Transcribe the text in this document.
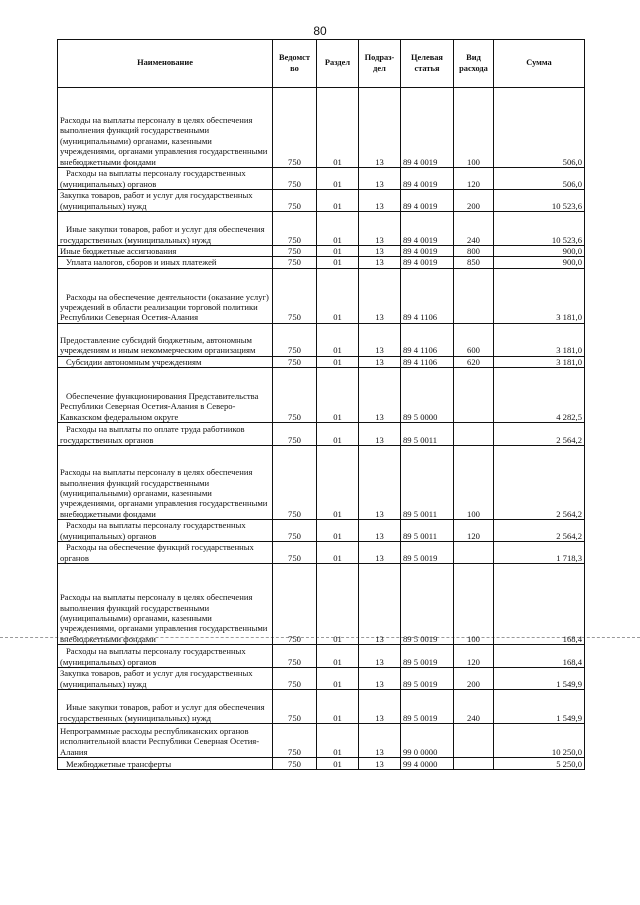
80
Наименование	Ведомст во	Раздел	Подраз- дел	Целевая статья	Вид расхода	Сумма
Расходы на выплаты персоналу в целях обеспечения выполнения функций государственными (муниципальными) органами, казенными учреждениями, органами управления государственными внебюджетными фондами	750	01	13	89 4 0019	100	506,0
Расходы на выплаты персоналу государственных (муниципальных) органов	750	01	13	89 4 0019	120	506,0
Закупка товаров, работ и услуг для государственных (муниципальных) нужд	750	01	13	89 4 0019	200	10 523,6
Иные закупки товаров, работ и услуг для обеспечения государственных (муниципальных) нужд	750	01	13	89 4 0019	240	10 523,6
Иные бюджетные ассигнования	750	01	13	89 4 0019	800	900,0
Уплата налогов, сборов и иных платежей	750	01	13	89 4 0019	850	900,0
Расходы на обеспечение деятельности (оказание услуг) учреждений в области реализации торговой политики Республики Северная Осетия-Алания	750	01	13	89 4 1106		3 181,0
Предоставление субсидий бюджетным, автономным учреждениям и иным некоммерческим организациям	750	01	13	89 4 1106	600	3 181,0
Субсидии автономным учреждениям	750	01	13	89 4 1106	620	3 181,0
Обеспечение функционирования Представительства Республики Северная Осетия-Алания в Северо-Кавказском федеральном округе	750	01	13	89 5 0000		4 282,5
Расходы на выплаты по оплате труда работников государственных органов	750	01	13	89 5 0011		2 564,2
Расходы на выплаты персоналу в целях обеспечения выполнения функций государственными (муниципальными) органами, казенными учреждениями, органами управления государственными внебюджетными фондами	750	01	13	89 5 0011	100	2 564,2
Расходы на выплаты персоналу государственных (муниципальных) органов	750	01	13	89 5 0011	120	2 564,2
Расходы на обеспечение функций государственных органов	750	01	13	89 5 0019		1 718,3
Расходы на выплаты персоналу в целях обеспечения выполнения функций государственными (муниципальными) органами, казенными учреждениями, органами управления государственными внебюджетными фондами	750	01	13	89 5 0019	100	168,4
Расходы на выплаты персоналу государственных (муниципальных) органов	750	01	13	89 5 0019	120	168,4
Закупка товаров, работ и услуг для государственных (муниципальных) нужд	750	01	13	89 5 0019	200	1 549,9
Иные закупки товаров, работ и услуг для обеспечения государственных (муниципальных) нужд	750	01	13	89 5 0019	240	1 549,9
Непрограммные расходы республиканских органов исполнительной власти Республики Северная Осетия-Алания	750	01	13	99 0 0000		10 250,0
Межбюджетные трансферты	750	01	13	99 4 0000		5 250,0
